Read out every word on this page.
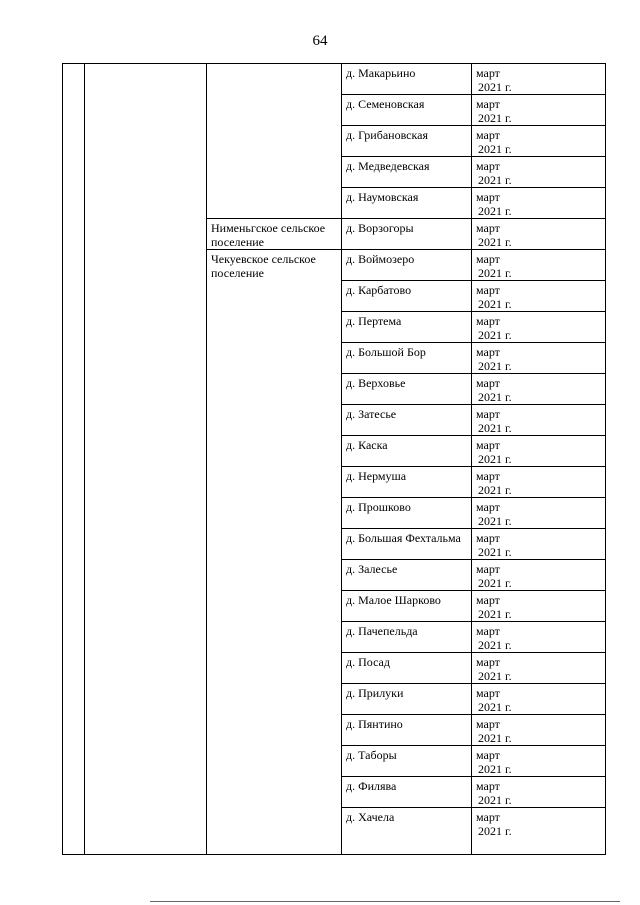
64

			д. Макарьино	март
2021 г.

			д. Семеновская	март
2021 г.

			д. Грибановская	март
2021 г.

			д. Медведевская	март
2021 г.

			д. Наумовская	март
2021 г.

		Нименьгское сельское
поселение	д. Ворзогоры	март
2021 г.

		Чекуевское сельское
поселение	д. Воймозеро	март
2021 г.

			д. Карбатово	март
2021 г.

			д. Пертема	март
2021 г.

			д. Большой Бор	март
2021 г.

			д. Верховье	март
2021 г.

			д. Затесье	март
2021 г.

			д. Каска	март
2021 г.

			д. Нермуша	март
2021 г.

			д. Прошково	март
2021 г.

			д. Большая Фехтальма	март
2021 г.

			д. Залесье	март
2021 г.

			д. Малое Шарково	март
2021 г.

			д. Пачепельда	март
2021 г.

			д. Посад	март
2021 г.

			д. Прилуки	март
2021 г.

			д. Пянтино	март
2021 г.

			д. Таборы	март
2021 г.

			д. Филява	март
2021 г.

			д. Хачела	март
2021 г.
